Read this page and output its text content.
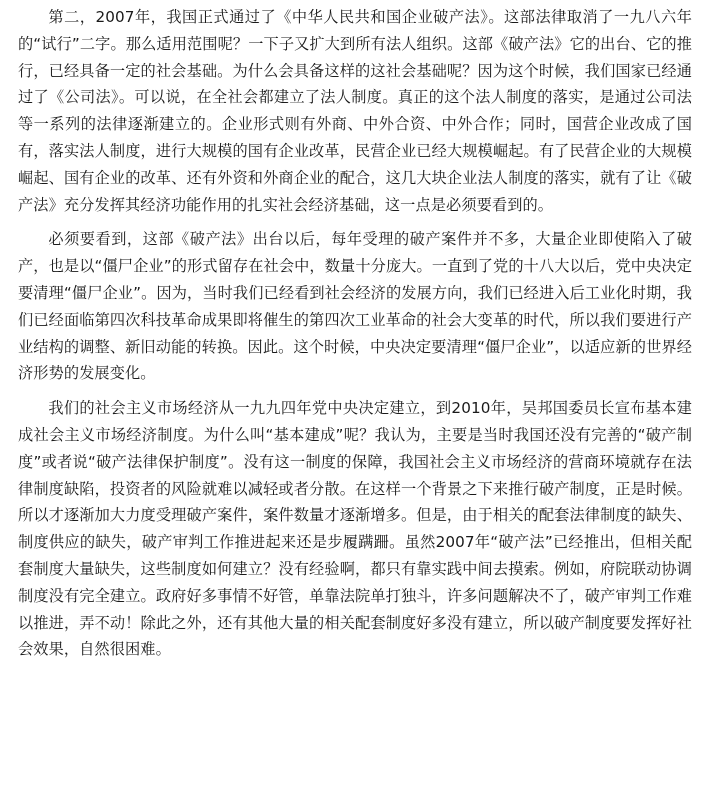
第二，2007年，我国正式通过了《中华人民共和国企业破产法》。这部法律取消了一九八六年的“试行”二字。那么适用范围呢？一下子又扩大到所有法人组织。这部《破产法》它的出台、它的推行，已经具备一定的社会基础。为什么会具备这样的这社会基础呢？因为这个时候，我们国家已经通过了《公司法》。可以说，在全社会都建立了法人制度。真正的这个法人制度的落实，是通过公司法等一系列的法律逐渐建立的。企业形式则有外商、中外合资、中外合作；同时，国营企业改成了国有，落实法人制度，进行大规模的国有企业改革，民营企业已经大规模崛起。有了民营企业的大规模崛起、国有企业的改革、还有外资和外商企业的配合，这几大块企业法人制度的落实，就有了让《破产法》充分发挥其经济功能作用的扎实社会经济基础，这一点是必须要看到的。

必须要看到，这部《破产法》出台以后，每年受理的破产案件并不多，大量企业即使陷入了破产，也是以“僵尸企业”的形式留存在社会中，数量十分庞大。一直到了党的十八大以后，党中央决定要清理“僵尸企业”。因为，当时我们已经看到社会经济的发展方向，我们已经进入后工业化时期，我们已经面临第四次科技革命成果即将催生的第四次工业革命的社会大变革的时代，所以我们要进行产业结构的调整、新旧动能的转换。因此。这个时候，中央决定要清理“僵尸企业”，以适应新的世界经济形势的发展变化。

我们的社会主义市场经济从一九九四年党中央决定建立，到2010年，吴邦国委员长宣布基本建成社会主义市场经济制度。为什么叫“基本建成”呢？我认为，主要是当时我国还没有完善的“破产制度”或者说“破产法律保护制度”。没有这一制度的保障，我国社会主义市场经济的营商环境就存在法律制度缺陷，投资者的风险就难以减轻或者分散。在这样一个背景之下来推行破产制度，正是时候。所以才逐渐加大力度受理破产案件，案件数量才逐渐增多。但是，由于相关的配套法律制度的缺失、制度供应的缺失，破产审判工作推进起来还是步履蹒跚。虽然2007年“破产法”已经推出，但相关配套制度大量缺失，这些制度如何建立？没有经验啊，都只有靠实践中间去摸索。例如，府院联动协调制度没有完全建立。政府好多事情不好管，单靠法院单打独斗，许多问题解决不了，破产审判工作难以推进，弄不动！除此之外，还有其他大量的相关配套制度好多没有建立，所以破产制度要发挥好社会效果，自然很困难。
